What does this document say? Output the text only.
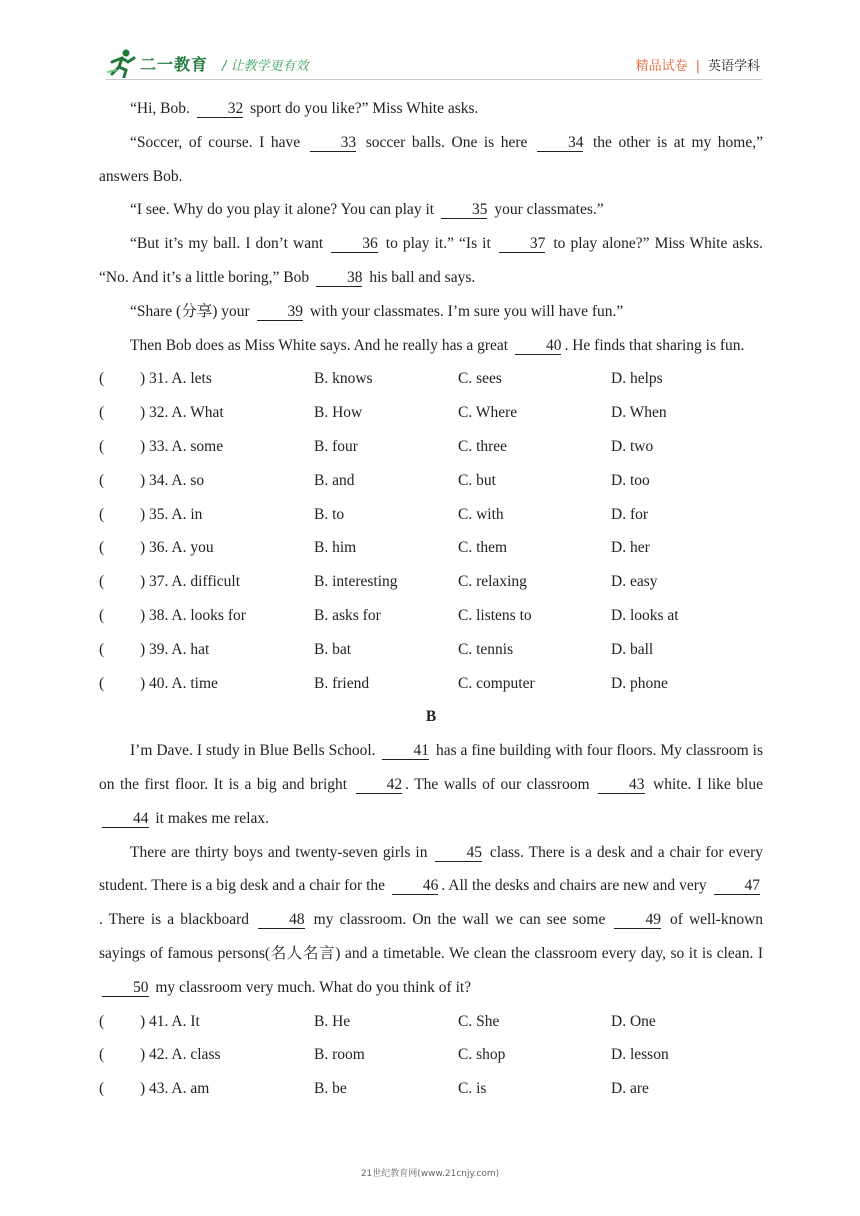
二一教育 / 让教学更有效	精品试卷 | 英语学科
“Hi, Bob. 32 sport do you like?” Miss White asks.
“Soccer, of course. I have 33 soccer balls. One is here 34 the other is at my home,” answers Bob.
“I see. Why do you play it alone? You can play it 35 your classmates.”
“But it’s my ball. I don’t want 36 to play it.” “Is it 37 to play alone?” Miss White asks. “No. And it’s a little boring,” Bob 38 his ball and says.
“Share (分享) your 39 with your classmates. I’m sure you will have fun.”
Then Bob does as Miss White says. And he really has a great 40 . He finds that sharing is fun.
( ) 31. A. lets	B. knows	C. sees	D. helps
( ) 32. A. What	B. How	C. Where	D. When
( ) 33. A. some	B. four	C. three	D. two
( ) 34. A. so	B. and	C. but	D. too
( ) 35. A. in	B. to	C. with	D. for
( ) 36. A. you	B. him	C. them	D. her
( ) 37. A. difficult	B. interesting	C. relaxing	D. easy
( ) 38. A. looks for	B. asks for	C. listens to	D. looks at
( ) 39. A. hat	B. bat	C. tennis	D. ball
( ) 40. A. time	B. friend	C. computer	D. phone
B
I’m Dave. I study in Blue Bells School. 41 has a fine building with four floors. My classroom is on the first floor. It is a big and bright 42 . The walls of our classroom 43 white. I like blue 44 it makes me relax.
There are thirty boys and twenty-seven girls in 45 class. There is a desk and a chair for every student. There is a big desk and a chair for the 46 . All the desks and chairs are new and very 47. There is a blackboard 48 my classroom. On the wall we can see some 49 of well-known sayings of famous persons(名人名言) and a timetable. We clean the classroom every day, so it is clean. I 50 my classroom very much. What do you think of it?
( ) 41. A. It	B. He	C. She	D. One
( ) 42. A. class	B. room	C. shop	D. lesson
( ) 43. A. am	B. be	C. is	D. are
21世纪教育网(www.21cnjy.com)
